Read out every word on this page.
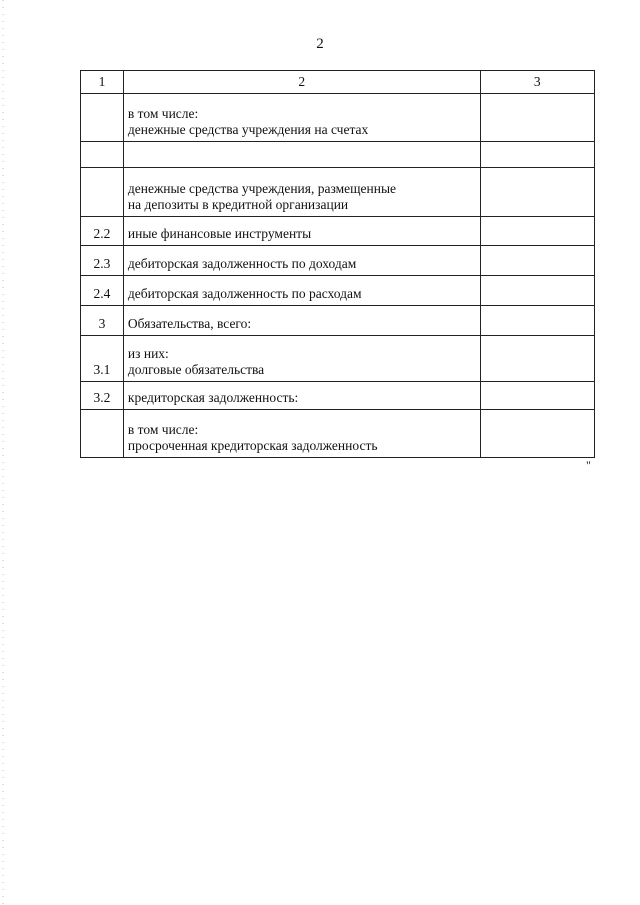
2
1	2	3

	в том числе:
денежные средства учреждения на счетах	

	денежные средства учреждения, размещенные
на депозиты в кредитной организации	

2.2	иные финансовые инструменты	
2.3	дебиторская задолженность по доходам	
2.4	дебиторская задолженность по расходам	
3	Обязательства, всего:	
3.1	из них:
долговые обязательства	

3.2	кредиторская задолженность:	

	в том числе:
просроченная кредиторская задолженность	

"
